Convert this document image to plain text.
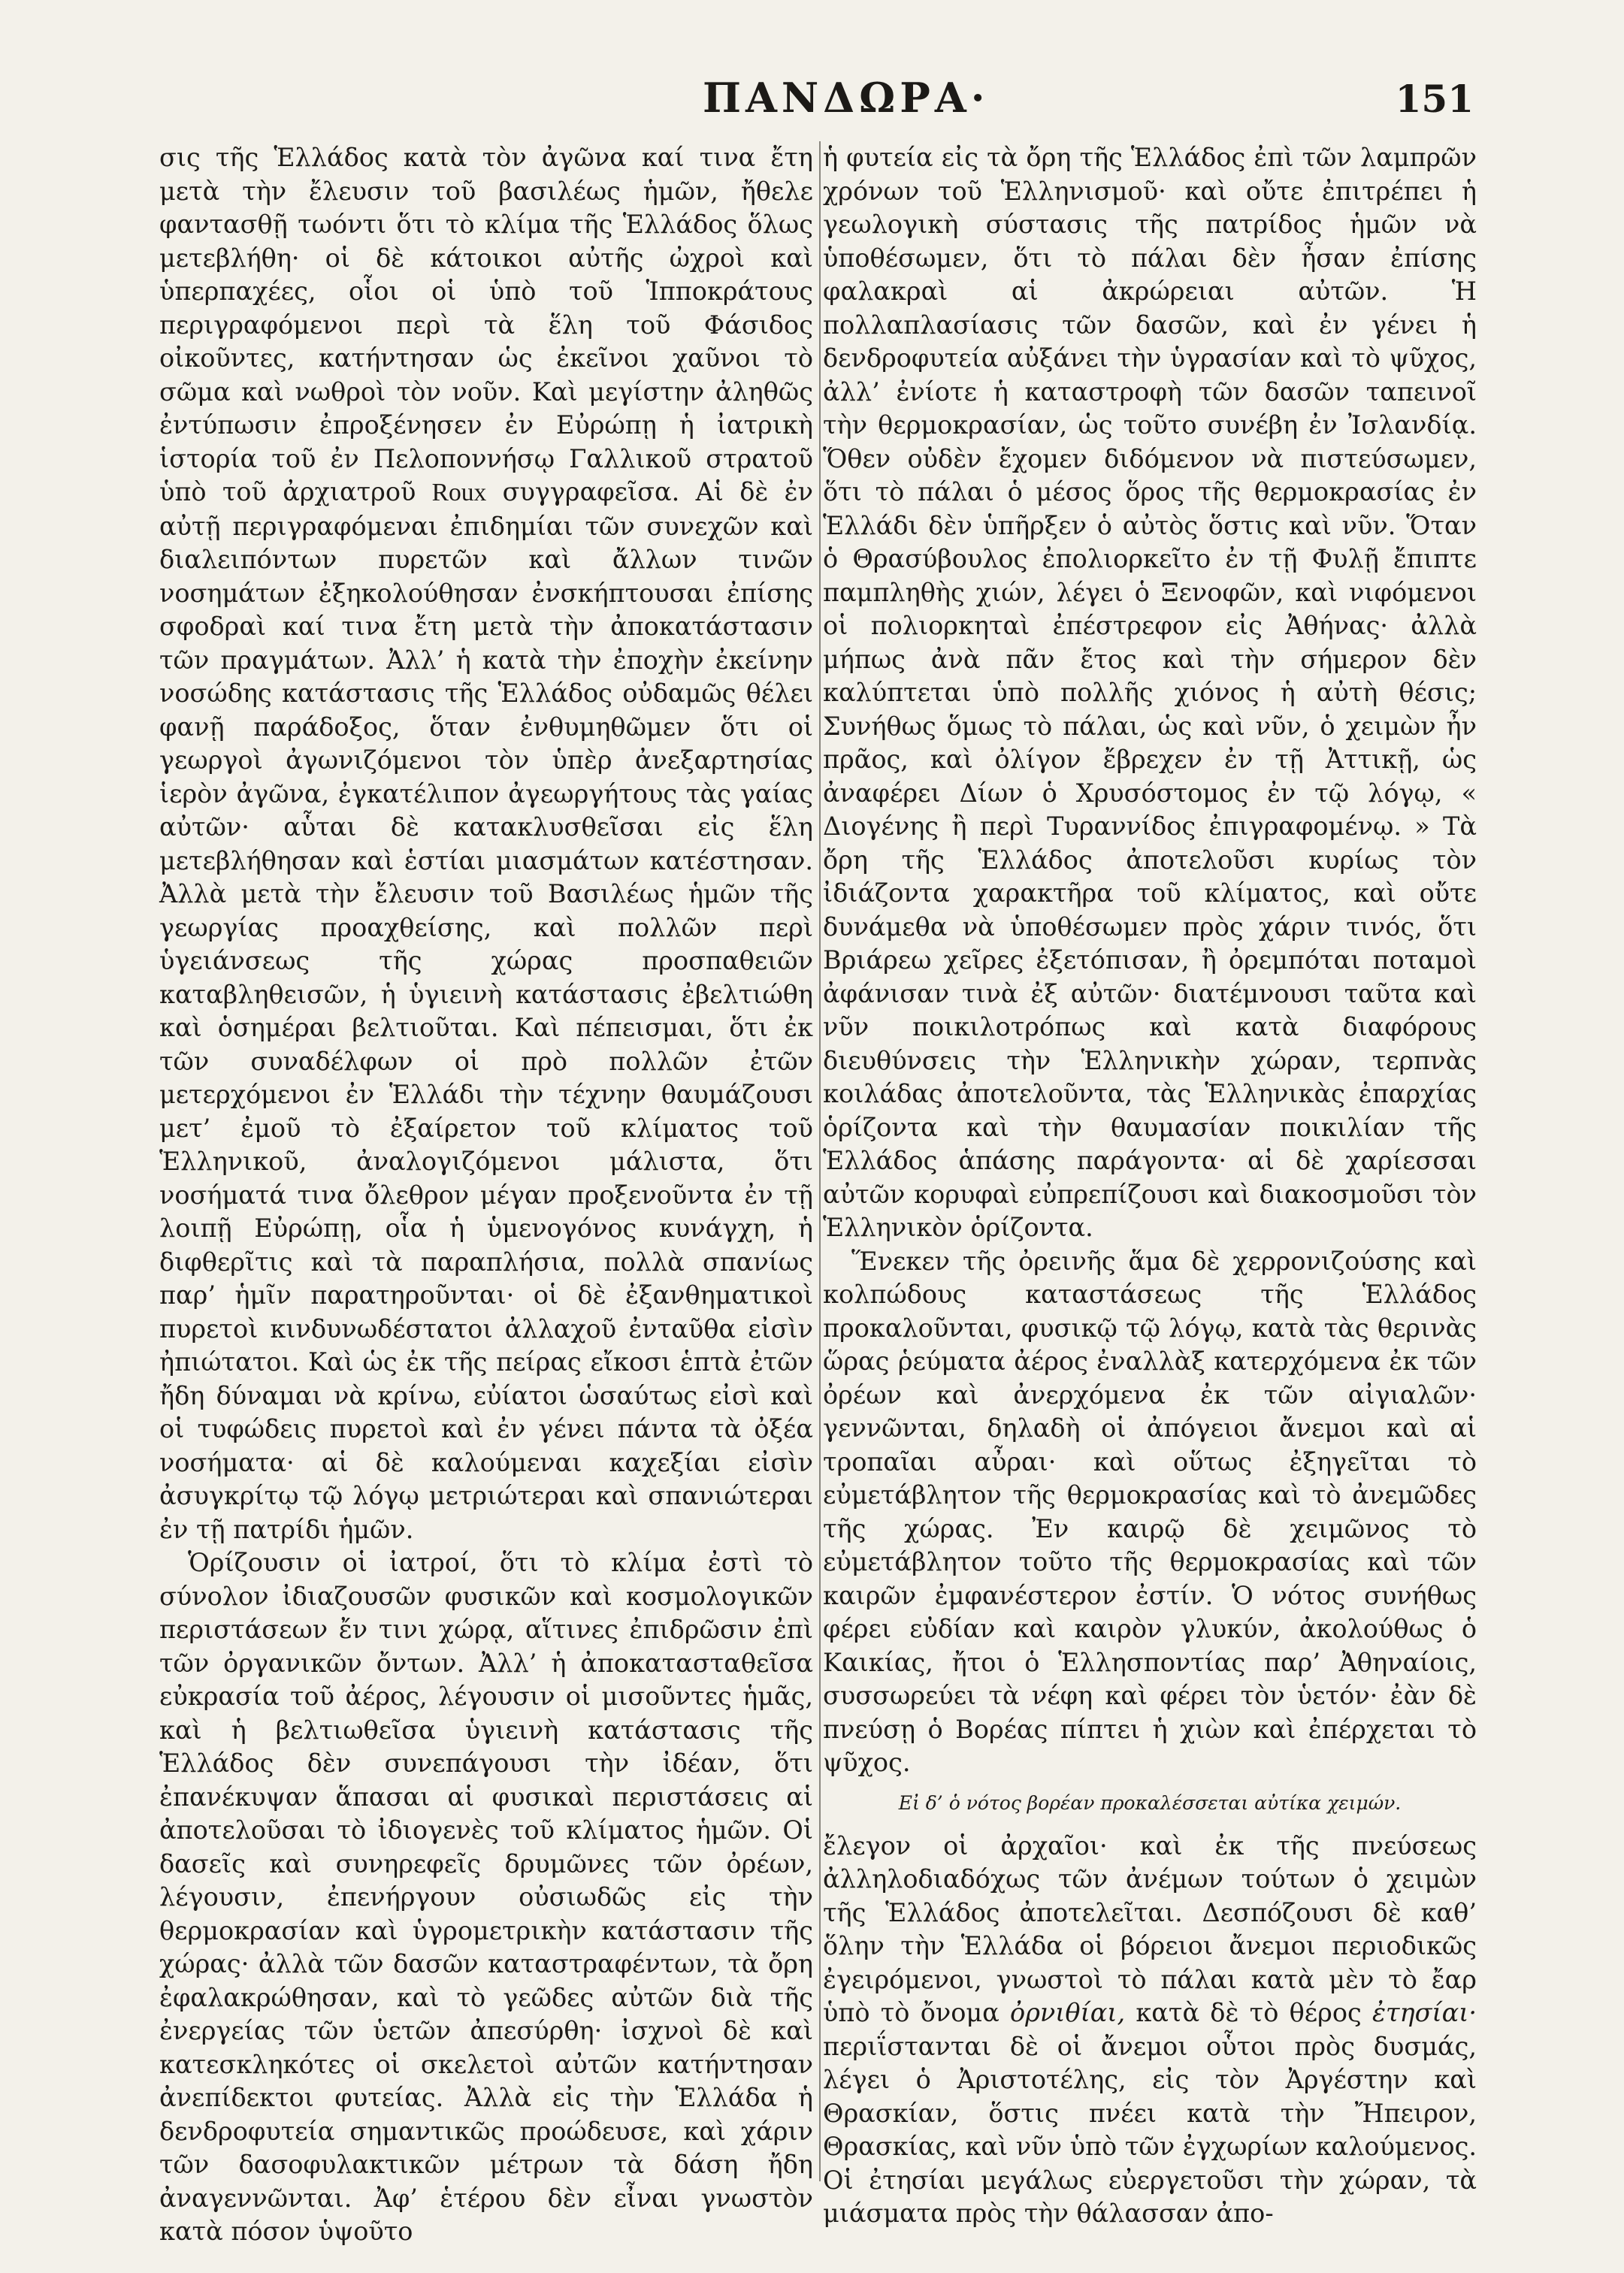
ΠΑΝΔΩΡΑ·	151

σις τῆς Ἑλλάδος κατὰ τὸν ἀγῶνα καί τινα ἔτη μετὰ τὴν ἔλευσιν τοῦ βασιλέως ἡμῶν, ἤθελε φαντασθῇ τωόντι ὅτι τὸ κλίμα τῆς Ἑλλάδος ὅλως μετεβλήθη· οἱ δὲ κάτοικοι αὐτῆς ὠχροὶ καὶ ὑπερπαχέες, οἷοι οἱ ὑπὸ τοῦ Ἱπποκράτους περιγραφόμενοι περὶ τὰ ἕλη τοῦ Φάσιδος οἰκοῦντες, κατήντησαν ὡς ἐκεῖνοι χαῦνοι τὸ σῶμα καὶ νωθροὶ τὸν νοῦν. Καὶ μεγίστην ἀληθῶς ἐντύπωσιν ἐπροξένησεν ἐν Εὐρώπῃ ἡ ἰατρικὴ ἱστορία τοῦ ἐν Πελοποννήσῳ Γαλλικοῦ στρατοῦ ὑπὸ τοῦ ἀρχιατροῦ Roux συγγραφεῖσα. Αἱ δὲ ἐν αὐτῇ περιγραφόμεναι ἐπιδημίαι τῶν συνεχῶν καὶ διαλειπόντων πυρετῶν καὶ ἄλλων τινῶν νοσημάτων ἐξηκολούθησαν ἐνσκήπτουσαι ἐπίσης σφοδραὶ καί τινα ἔτη μετὰ τὴν ἀποκατάστασιν τῶν πραγμάτων. Ἀλλ’ ἡ κατὰ τὴν ἐποχὴν ἐκείνην νοσώδης κατάστασις τῆς Ἑλλάδος οὐδαμῶς θέλει φανῇ παράδοξος, ὅταν ἐνθυμηθῶμεν ὅτι οἱ γεωργοὶ ἀγωνιζόμενοι τὸν ὑπὲρ ἀνεξαρτησίας ἱερὸν ἀγῶνα, ἐγκατέλιπον ἀγεωργήτους τὰς γαίας αὐτῶν· αὗται δὲ κατακλυσθεῖσαι εἰς ἕλη μετεβλήθησαν καὶ ἑστίαι μιασμάτων κατέστησαν. Ἀλλὰ μετὰ τὴν ἔλευσιν τοῦ Βασιλέως ἡμῶν τῆς γεωργίας προαχθείσης, καὶ πολλῶν περὶ ὑγειάνσεως τῆς χώρας προσπαθειῶν καταβληθεισῶν, ἡ ὑγιεινὴ κατάστασις ἐβελτιώθη καὶ ὁσημέραι βελτιοῦται. Καὶ πέπεισμαι, ὅτι ἐκ τῶν συναδέλφων οἱ πρὸ πολλῶν ἐτῶν μετερχόμενοι ἐν Ἑλλάδι τὴν τέχνην θαυμάζουσι μετ’ ἐμοῦ τὸ ἐξαίρετον τοῦ κλίματος τοῦ Ἑλληνικοῦ, ἀναλογιζόμενοι μάλιστα, ὅτι νοσήματά τινα ὄλεθρον μέγαν προξενοῦντα ἐν τῇ λοιπῇ Εὐρώπῃ, οἷα ἡ ὑμενογόνος κυνάγχη, ἡ διφθερῖτις καὶ τὰ παραπλήσια, πολλὰ σπανίως παρ’ ἡμῖν παρατηροῦνται· οἱ δὲ ἐξανθηματικοὶ πυρετοὶ κινδυνωδέστατοι ἀλλαχοῦ ἐνταῦθα εἰσὶν ἠπιώτατοι. Καὶ ὡς ἐκ τῆς πείρας εἴκοσι ἑπτὰ ἐτῶν ἤδη δύναμαι νὰ κρίνω, εὐίατοι ὡσαύτως εἰσὶ καὶ οἱ τυφώδεις πυρετοὶ καὶ ἐν γένει πάντα τὰ ὀξέα νοσήματα· αἱ δὲ καλούμεναι καχεξίαι εἰσὶν ἀσυγκρίτῳ τῷ λόγῳ μετριώτεραι καὶ σπανιώτεραι ἐν τῇ πατρίδι ἡμῶν.

Ὁρίζουσιν οἱ ἰατροί, ὅτι τὸ κλίμα ἐστὶ τὸ σύνολον ἰδιαζουσῶν φυσικῶν καὶ κοσμολογικῶν περιστάσεων ἔν τινι χώρᾳ, αἵτινες ἐπιδρῶσιν ἐπὶ τῶν ὀργανικῶν ὄντων. Ἀλλ’ ἡ ἀποκατασταθεῖσα εὐκρασία τοῦ ἀέρος, λέγουσιν οἱ μισοῦντες ἡμᾶς, καὶ ἡ βελτιωθεῖσα ὑγιεινὴ κατάστασις τῆς Ἑλλάδος δὲν συνεπάγουσι τὴν ἰδέαν, ὅτι ἐπανέκυψαν ἅπασαι αἱ φυσικαὶ περιστάσεις αἱ ἀποτελοῦσαι τὸ ἰδιογενὲς τοῦ κλίματος ἡμῶν. Οἱ δασεῖς καὶ συνηρεφεῖς δρυμῶνες τῶν ὀρέων, λέγουσιν, ἐπενήργουν οὐσιωδῶς εἰς τὴν θερμοκρασίαν καὶ ὑγρομετρικὴν κατάστασιν τῆς χώρας· ἀλλὰ τῶν δασῶν καταστραφέντων, τὰ ὄρη ἐφαλακρώθησαν, καὶ τὸ γεῶδες αὐτῶν διὰ τῆς ἐνεργείας τῶν ὑετῶν ἀπεσύρθη· ἰσχνοὶ δὲ καὶ κατεσκληκότες οἱ σκελετοὶ αὐτῶν κατήντησαν ἀνεπίδεκτοι φυτείας. Ἀλλὰ εἰς τὴν Ἑλλάδα ἡ δενδροφυτεία σημαντικῶς προώδευσε, καὶ χάριν τῶν δασοφυλακτικῶν μέτρων τὰ δάση ἤδη ἀναγεννῶνται. Ἀφ’ ἑτέρου δὲν εἶναι γνωστὸν κατὰ πόσον ὑψοῦτο

ἡ φυτεία εἰς τὰ ὄρη τῆς Ἑλλάδος ἐπὶ τῶν λαμπρῶν χρόνων τοῦ Ἑλληνισμοῦ· καὶ οὔτε ἐπιτρέπει ἡ γεωλογικὴ σύστασις τῆς πατρίδος ἡμῶν νὰ ὑποθέσωμεν, ὅτι τὸ πάλαι δὲν ἦσαν ἐπίσης φαλακραὶ αἱ ἀκρώρειαι αὐτῶν. Ἡ πολλαπλασίασις τῶν δασῶν, καὶ ἐν γένει ἡ δενδροφυτεία αὐξάνει τὴν ὑγρασίαν καὶ τὸ ψῦχος, ἀλλ’ ἐνίοτε ἡ καταστροφὴ τῶν δασῶν ταπεινοῖ τὴν θερμοκρασίαν, ὡς τοῦτο συνέβη ἐν Ἰσλανδίᾳ. Ὅθεν οὐδὲν ἔχομεν διδόμενον νὰ πιστεύσωμεν, ὅτι τὸ πάλαι ὁ μέσος ὅρος τῆς θερμοκρασίας ἐν Ἑλλάδι δὲν ὑπῆρξεν ὁ αὐτὸς ὅστις καὶ νῦν. Ὅταν ὁ Θρασύβουλος ἐπολιορκεῖτο ἐν τῇ Φυλῇ ἔπιπτε παμπληθὴς χιών, λέγει ὁ Ξενοφῶν, καὶ νιφόμενοι οἱ πολιορκηταὶ ἐπέστρεφον εἰς Ἀθήνας· ἀλλὰ μήπως ἀνὰ πᾶν ἔτος καὶ τὴν σήμερον δὲν καλύπτεται ὑπὸ πολλῆς χιόνος ἡ αὐτὴ θέσις; Συνήθως ὅμως τὸ πάλαι, ὡς καὶ νῦν, ὁ χειμὼν ἦν πρᾶος, καὶ ὀλίγον ἔβρεχεν ἐν τῇ Ἀττικῇ, ὡς ἀναφέρει Δίων ὁ Χρυσόστομος ἐν τῷ λόγῳ, « Διογένης ἢ περὶ Τυραννίδος ἐπιγραφομένῳ. » Τὰ ὄρη τῆς Ἑλλάδος ἀποτελοῦσι κυρίως τὸν ἰδιάζοντα χαρακτῆρα τοῦ κλίματος, καὶ οὔτε δυνάμεθα νὰ ὑποθέσωμεν πρὸς χάριν τινός, ὅτι Βριάρεω χεῖρες ἐξετόπισαν, ἢ ὀρεμπόται ποταμοὶ ἀφάνισαν τινὰ ἐξ αὐτῶν· διατέμνουσι ταῦτα καὶ νῦν ποικιλοτρόπως καὶ κατὰ διαφόρους διευθύνσεις τὴν Ἑλληνικὴν χώραν, τερπνὰς κοιλάδας ἀποτελοῦντα, τὰς Ἑλληνικὰς ἐπαρχίας ὁρίζοντα καὶ τὴν θαυμασίαν ποικιλίαν τῆς Ἑλλάδος ἁπάσης παράγοντα· αἱ δὲ χαρίεσσαι αὐτῶν κορυφαὶ εὐπρεπίζουσι καὶ διακοσμοῦσι τὸν Ἑλληνικὸν ὁρίζοντα.

Ἕνεκεν τῆς ὀρεινῆς ἅμα δὲ χερρονιζούσης καὶ κολπώδους καταστάσεως τῆς Ἑλλάδος προκαλοῦνται, φυσικῷ τῷ λόγῳ, κατὰ τὰς θερινὰς ὥρας ῥεύματα ἀέρος ἐναλλὰξ κατερχόμενα ἐκ τῶν ὀρέων καὶ ἀνερχόμενα ἐκ τῶν αἰγιαλῶν· γεννῶνται, δηλαδὴ οἱ ἀπόγειοι ἄνεμοι καὶ αἱ τροπαῖαι αὖραι· καὶ οὕτως ἐξηγεῖται τὸ εὐμετάβλητον τῆς θερμοκρασίας καὶ τὸ ἀνεμῶδες τῆς χώρας. Ἐν καιρῷ δὲ χειμῶνος τὸ εὐμετάβλητον τοῦτο τῆς θερμοκρασίας καὶ τῶν καιρῶν ἐμφανέστερον ἐστίν. Ὁ νότος συνήθως φέρει εὐδίαν καὶ καιρὸν γλυκύν, ἀκολούθως ὁ Καικίας, ἤτοι ὁ Ἑλλησποντίας παρ’ Ἀθηναίοις, συσσωρεύει τὰ νέφη καὶ φέρει τὸν ὑετόν· ἐὰν δὲ πνεύσῃ ὁ Βορέας πίπτει ἡ χιὼν καὶ ἐπέρχεται τὸ ψῦχος.

Εἰ δ’ ὁ νότος βορέαν προκαλέσσεται αὐτίκα χειμών.

ἔλεγον οἱ ἀρχαῖοι· καὶ ἐκ τῆς πνεύσεως ἀλληλοδιαδόχως τῶν ἀνέμων τούτων ὁ χειμὼν τῆς Ἑλλάδος ἀποτελεῖται. Δεσπόζουσι δὲ καθ’ ὅλην τὴν Ἑλλάδα οἱ βόρειοι ἄνεμοι περιοδικῶς ἐγειρόμενοι, γνωστοὶ τὸ πάλαι κατὰ μὲν τὸ ἔαρ ὑπὸ τὸ ὄνομα ὀρνιθίαι, κατὰ δὲ τὸ θέρος ἐτησίαι· περιΐστανται δὲ οἱ ἄνεμοι οὗτοι πρὸς δυσμάς, λέγει ὁ Ἀριστοτέλης, εἰς τὸν Ἀργέστην καὶ Θρασκίαν, ὅστις πνέει κατὰ τὴν Ἤπειρον, Θρασκίας, καὶ νῦν ὑπὸ τῶν ἐγχωρίων καλούμενος. Οἱ ἐτησίαι μεγάλως εὐεργετοῦσι τὴν χώραν, τὰ μιάσματα πρὸς τὴν θάλασσαν ἀπο-
